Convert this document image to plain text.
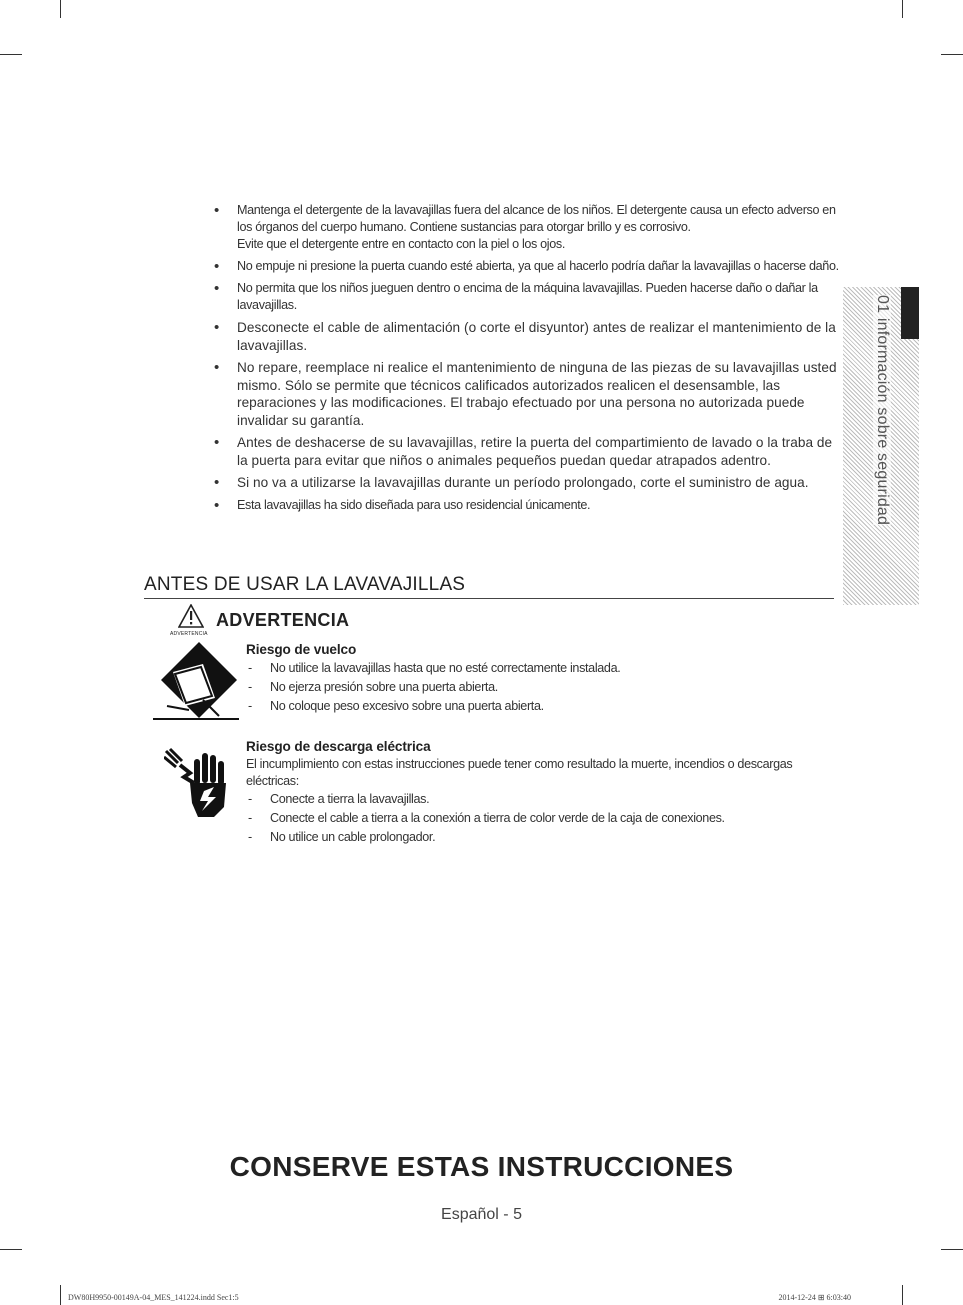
01 información sobre seguridad
• Mantenga el detergente de la lavavajillas fuera del alcance de los niños. El detergente causa un efecto adverso en los órganos del cuerpo humano. Contiene sustancias para otorgar brillo y es corrosivo.
Evite que el detergente entre en contacto con la piel o los ojos.
• No empuje ni presione la puerta cuando esté abierta, ya que al hacerlo podría dañar la lavavajillas o hacerse daño.
• No permita que los niños jueguen dentro o encima de la máquina lavavajillas. Pueden hacerse daño o dañar la lavavajillas.
• Desconecte el cable de alimentación (o corte el disyuntor) antes de realizar el mantenimiento de la lavavajillas.
• No repare, reemplace ni realice el mantenimiento de ninguna de las piezas de su lavavajillas usted mismo. Sólo se permite que técnicos calificados autorizados realicen el desensamble, las reparaciones y las modificaciones. El trabajo efectuado por una persona no autorizada puede invalidar su garantía.
• Antes de deshacerse de su lavavajillas, retire la puerta del compartimiento de lavado o la traba de la puerta para evitar que niños o animales pequeños puedan quedar atrapados adentro.
• Si no va a utilizarse la lavavajillas durante un período prolongado, corte el suministro de agua.
• Esta lavavajillas ha sido diseñada para uso residencial únicamente.
ANTES DE USAR LA LAVAVAJILLAS
ADVERTENCIA
ADVERTENCIA
Riesgo de vuelco
- No utilice la lavavajillas hasta que no esté correctamente instalada.
- No ejerza presión sobre una puerta abierta.
- No coloque peso excesivo sobre una puerta abierta.
Riesgo de descarga eléctrica

El incumplimiento con estas instrucciones puede tener como resultado la muerte, incendios o descargas eléctricas:

- Conecte a tierra la lavavajillas.
- Conecte el cable a tierra a la conexión a tierra de color verde de la caja de conexiones.
- No utilice un cable prolongador.
CONSERVE ESTAS INSTRUCCIONES
Español - 5
DW80H9950-00149A-04_MES_141224.indd Sec1:5	2014-12-24 ⊞ 6:03:40
